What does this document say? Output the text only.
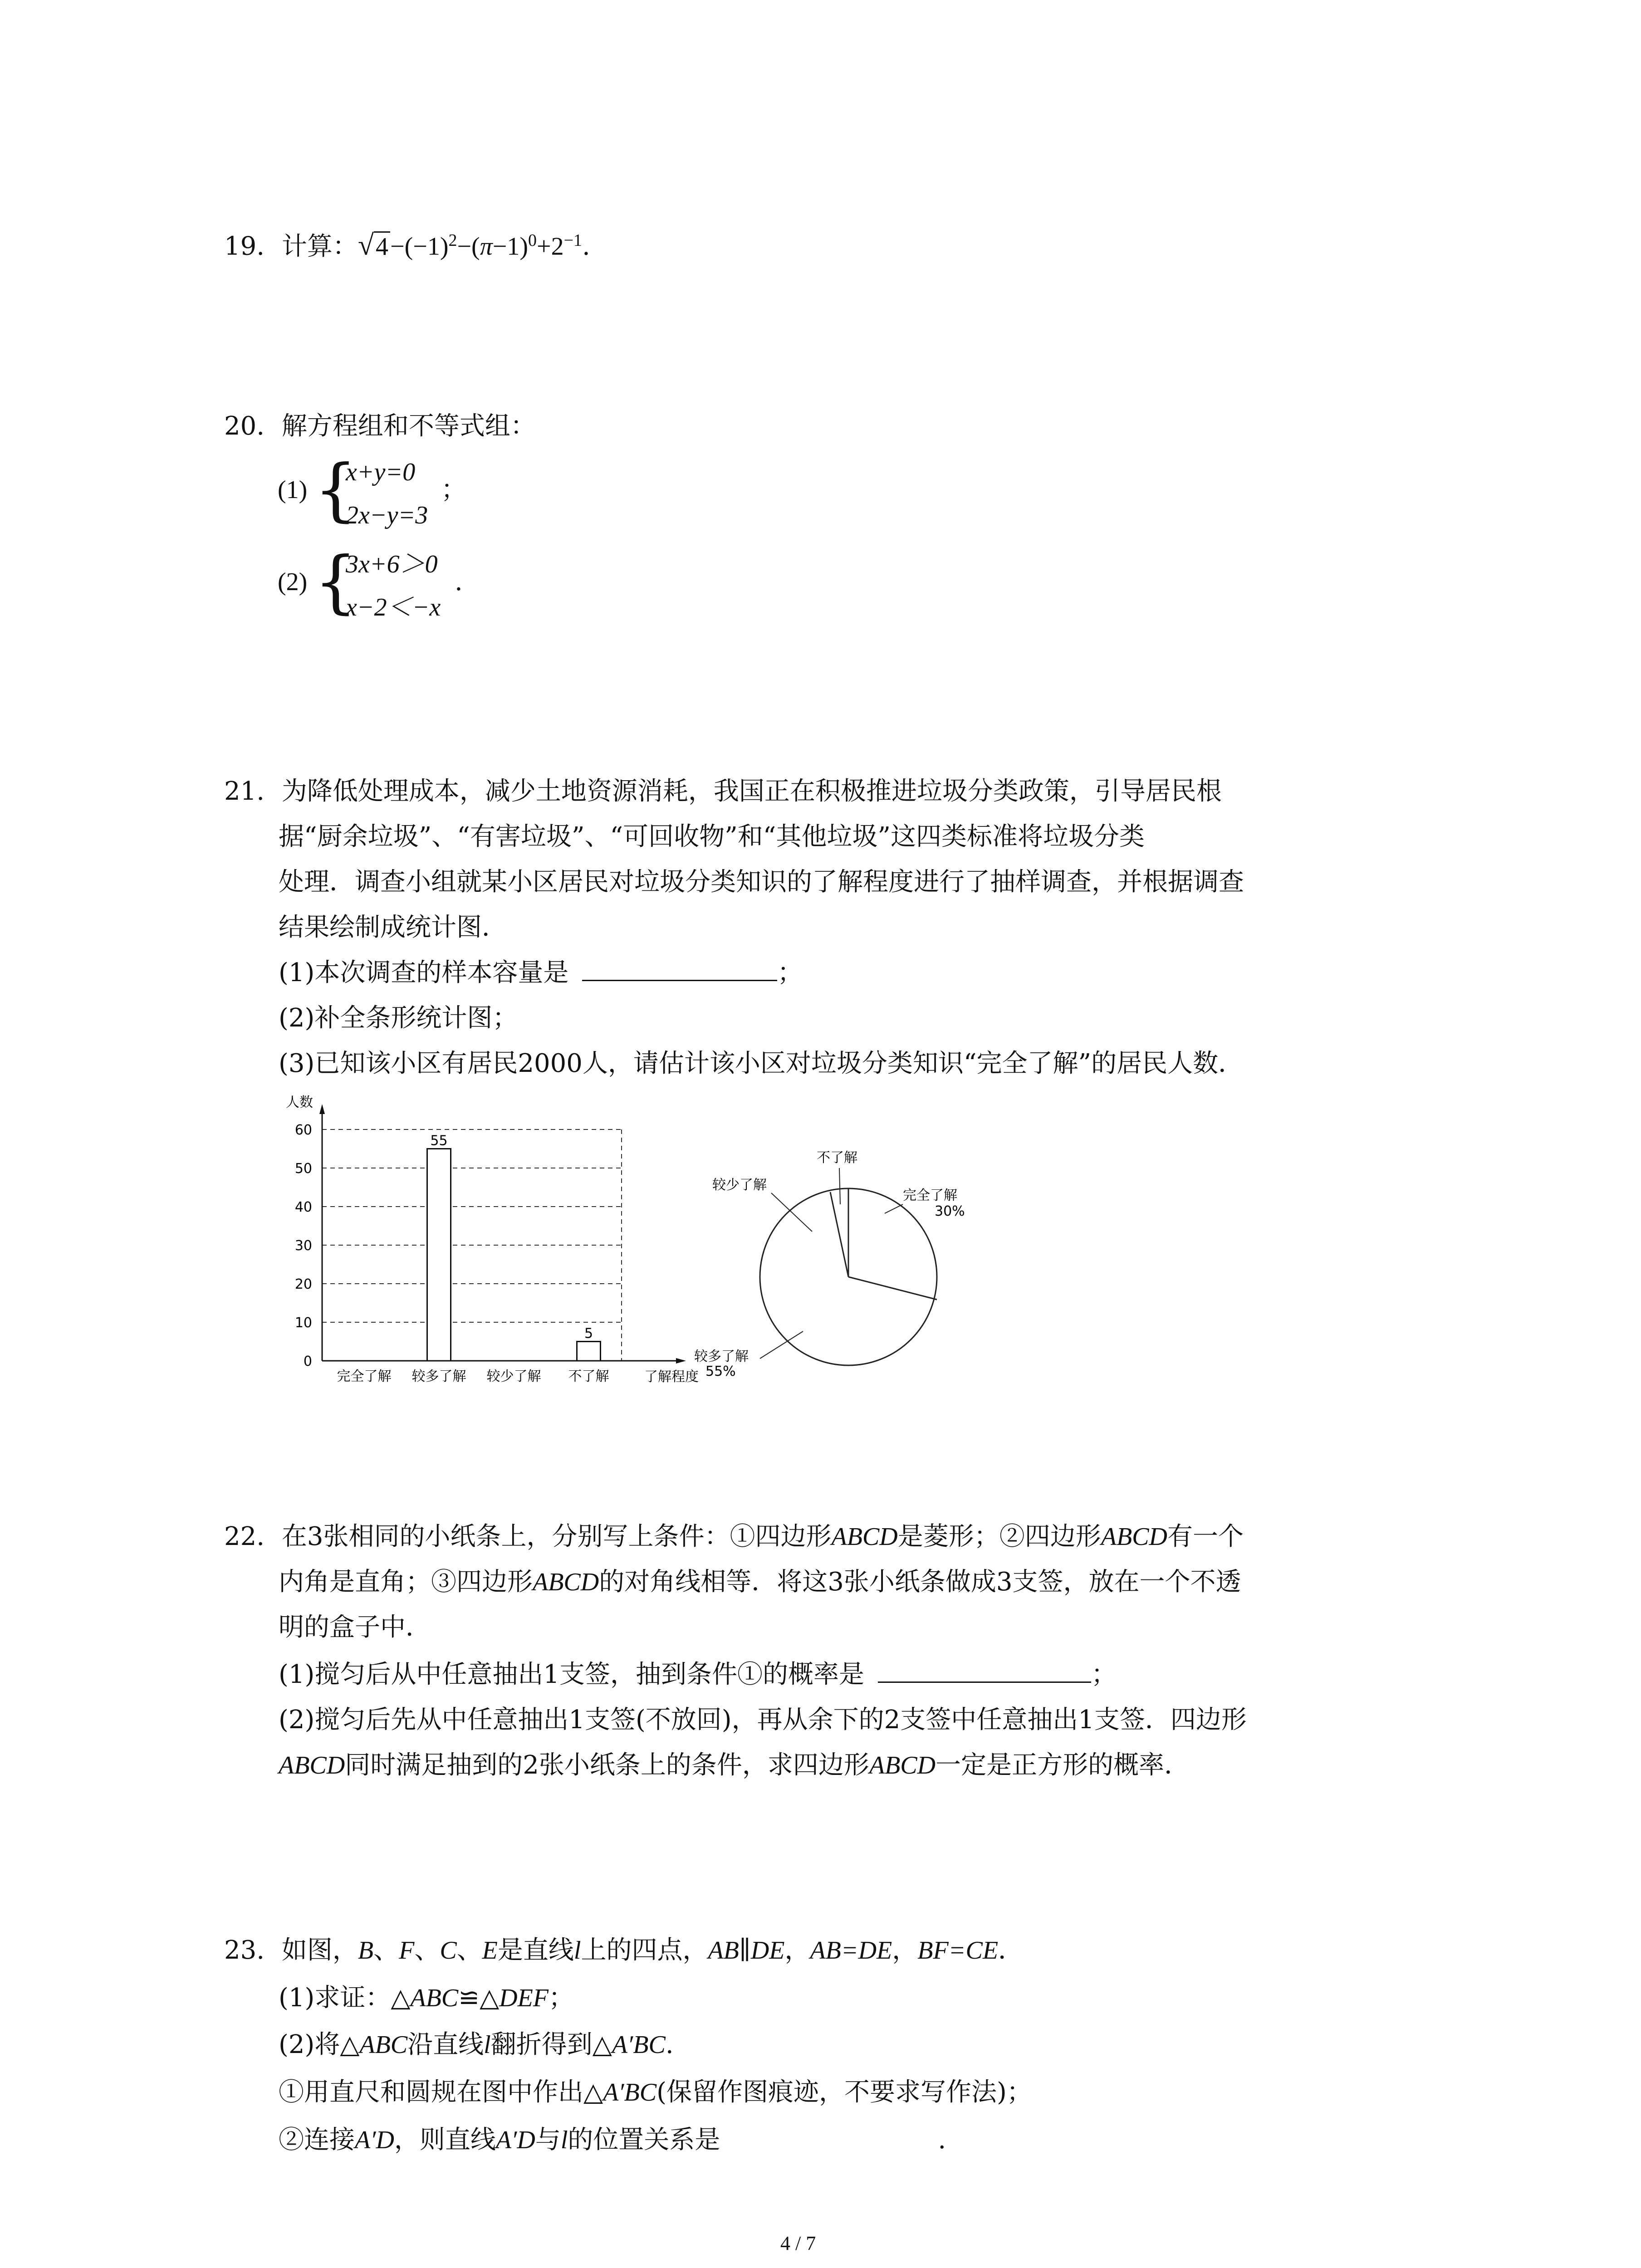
19. 计算：$√4-(-1)^2-(\pi-1)^0+2^{-1}$.
20. 解方程组和不等式组：
(1) {
x+y=0
2x−y=3
；
(2) {
3x+6＞0
x−2＜−x
.
21. 为降低处理成本，减少土地资源消耗，我国正在积极推进垃圾分类政策，引导居民根
据“厨余垃圾”、“有害垃圾”、“可回收物”和“其他垃圾”这四类标准将垃圾分类
处理．调查小组就某小区居民对垃圾分类知识的了解程度进行了抽样调查，并根据调查
结果绘制成统计图．
(1)本次调查的样本容量是	；
(2)补全条形统计图；
(3)已知该小区有居民2000人，请估计该小区对垃圾分类知识“完全了解”的居民人数．
人数
了解程度
0
10
20
30
40
50
60
55
5
完全了解 较多了解 较少了解 不了解
较少了解
不了解
完全了解
30%
较多了解
55%
22. 在3张相同的小纸条上，分别写上条件：①四边形ABCD是菱形；②四边形ABCD有一个
内角是直角；③四边形ABCD的对角线相等．将这3张小纸条做成3支签，放在一个不透
明的盒子中．
(1)搅匀后从中任意抽出1支签，抽到条件①的概率是	；
(2)搅匀后先从中任意抽出1支签(不放回)，再从余下的2支签中任意抽出1支签．四边形
ABCD同时满足抽到的2张小纸条上的条件，求四边形ABCD一定是正方形的概率．
23. 如图，B、F、C、E是直线l上的四点，AB∥DE，AB=DE，BF=CE．
(1)求证：△ABC≌△DEF；
(2)将△ABC沿直线l翻折得到△A′BC.
①用直尺和圆规在图中作出△A′BC(保留作图痕迹，不要求写作法)；
②连接A′D，则直线A′D与l的位置关系是	.
4 / 7
